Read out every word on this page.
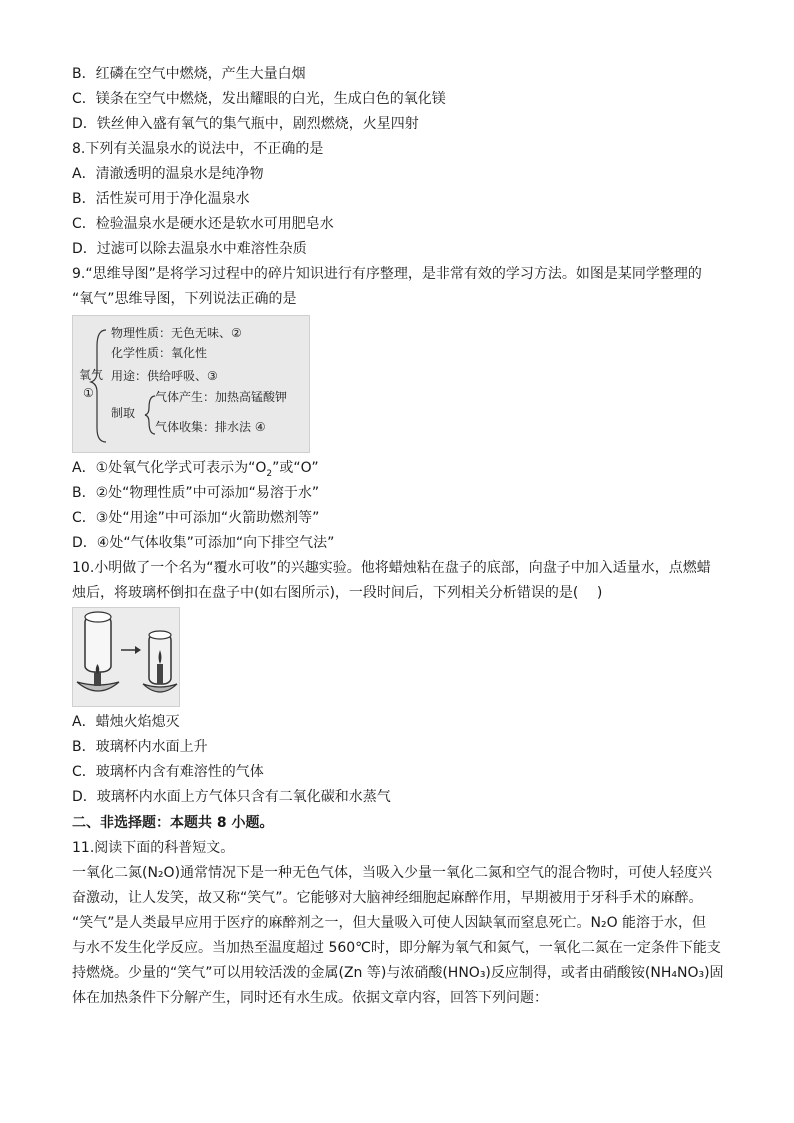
B．红磷在空气中燃烧，产生大量白烟
C．镁条在空气中燃烧，发出耀眼的白光，生成白色的氧化镁
D．铁丝伸入盛有氧气的集气瓶中，剧烈燃烧，火星四射
8.下列有关温泉水的说法中，不正确的是
A．清澈透明的温泉水是纯净物
B．活性炭可用于净化温泉水
C．检验温泉水是硬水还是软水可用肥皂水
D．过滤可以除去温泉水中难溶性杂质
9.“思维导图”是将学习过程中的碎片知识进行有序整理，是非常有效的学习方法。如图是某同学整理的
“氧气”思维导图，下列说法正确的是
氧气
①
物理性质：无色无味、②
化学性质：氧化性
用途：供给呼吸、③
制取
气体产生：加热高锰酸钾
气体收集：排水法 ④
A．①处氧气化学式可表示为“$O_2$”或“O”
B．②处“物理性质”中可添加“易溶于水”
C．③处“用途”中可添加“火箭助燃剂等”
D．④处“气体收集”可添加“向下排空气法”
10.小明做了一个名为“覆水可收”的兴趣实验。他将蜡烛粘在盘子的底部，向盘子中加入适量水，点燃蜡
烛后，将玻璃杯倒扣在盘子中(如右图所示)，一段时间后，下列相关分析错误的是(　 )
A．蜡烛火焰熄灭
B．玻璃杯内水面上升
C．玻璃杯内含有难溶性的气体
D．玻璃杯内水面上方气体只含有二氧化碳和水蒸气
二、非选择题：本题共 8 小题。
11.阅读下面的科普短文。
一氧化二氮(N₂O)通常情况下是一种无色气体，当吸入少量一氧化二氮和空气的混合物时，可使人轻度兴
奋激动，让人发笑，故又称“笑气”。它能够对大脑神经细胞起麻醉作用，早期被用于牙科手术的麻醉。
“笑气”是人类最早应用于医疗的麻醉剂之一，但大量吸入可使人因缺氧而窒息死亡。N₂O 能溶于水，但
与水不发生化学反应。当加热至温度超过 560℃时，即分解为氧气和氮气，一氧化二氮在一定条件下能支
持燃烧。少量的“笑气”可以用较活泼的金属(Zn 等)与浓硝酸(HNO₃)反应制得，或者由硝酸铵(NH₄NO₃)固
体在加热条件下分解产生，同时还有水生成。依据文章内容，回答下列问题：
